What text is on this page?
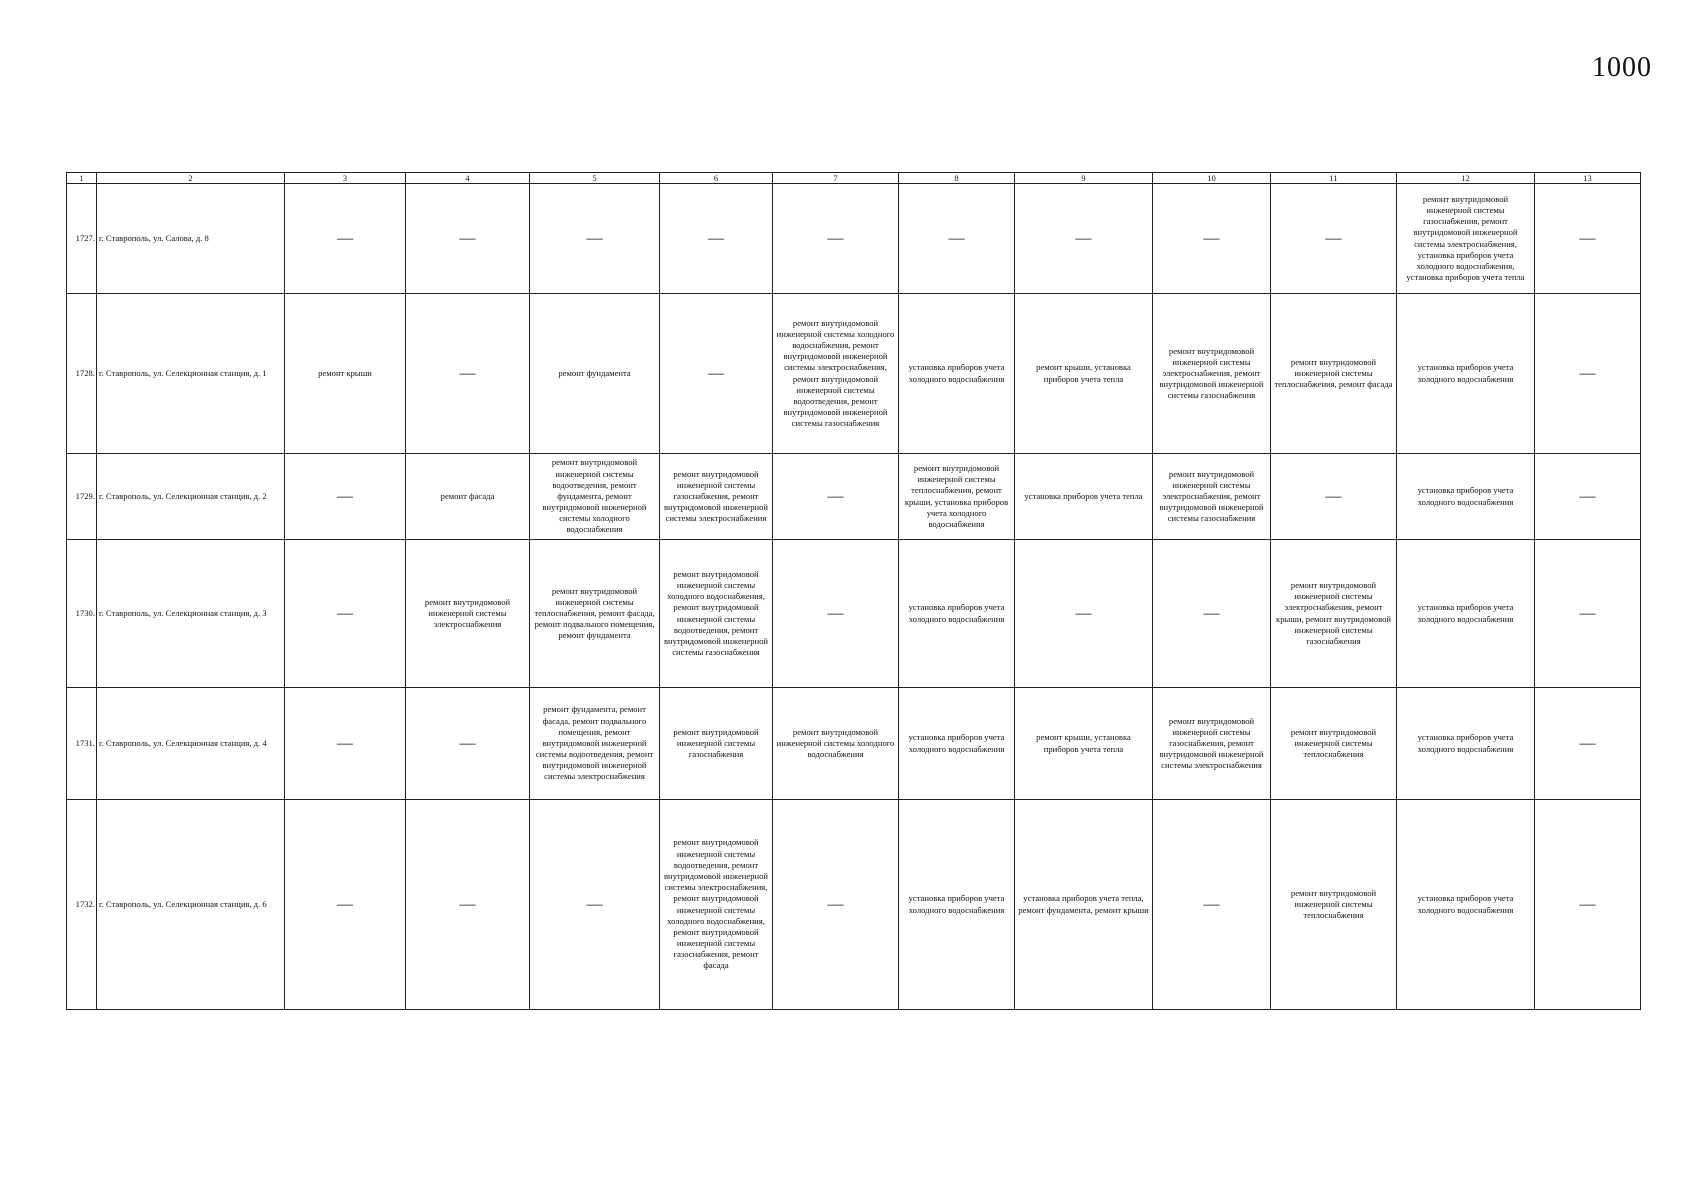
1000
1	2	3	4	5	6	7	8	9	10	11	12	13
1727.	г. Ставрополь, ул. Салова, д. 8	—	—	—	—	—	—	—	—	—	ремонт внутридомовой инженерной системы газоснабжения, ремонт внутридомовой инженерной системы электроснабжения, установка приборов учета холодного водоснабжения, установка приборов учета тепла	—
1728.	г. Ставрополь, ул. Селекционная станция, д. 1	ремонт крыши	—	ремонт фундамента	—	ремонт внутридомовой инженерной системы холодного водоснабжения, ремонт внутридомовой инженерной системы электроснабжения, ремонт внутридомовой инженерной системы водоотведения, ремонт внутридомовой инженерной системы газоснабжения	установка приборов учета холодного водоснабжения	ремонт крыши, установка приборов учета тепла	ремонт внутридомовой инженерной системы электроснабжения, ремонт внутридомовой инженерной системы газоснабжения	ремонт внутридомовой инженерной системы теплоснабжения, ремонт фасада	установка приборов учета холодного водоснабжения	—
1729.	г. Ставрополь, ул. Селекционная станция, д. 2	—	ремонт фасада	ремонт внутридомовой инженерной системы водоотведения, ремонт фундамента, ремонт внутридомовой инженерной системы холодного водоснабжения	ремонт внутридомовой инженерной системы газоснабжения, ремонт внутридомовой инженерной системы электроснабжения	—	ремонт внутридомовой инженерной системы теплоснабжения, ремонт крыши, установка приборов учета холодного водоснабжения	установка приборов учета тепла	ремонт внутридомовой инженерной системы электроснабжения, ремонт внутридомовой инженерной системы газоснабжения	—	установка приборов учета холодного водоснабжения	—
1730.	г. Ставрополь, ул. Селекционная станция, д. 3	—	ремонт внутридомовой инженерной системы электроснабжения	ремонт внутридомовой инженерной системы теплоснабжения, ремонт фасада, ремонт подвального помещения, ремонт фундамента	ремонт внутридомовой инженерной системы холодного водоснабжения, ремонт внутридомовой инженерной системы водоотведения, ремонт внутридомовой инженерной системы газоснабжения	—	установка приборов учета холодного водоснабжения	—	—	ремонт внутридомовой инженерной системы электроснабжения, ремонт крыши, ремонт внутридомовой инженерной системы газоснабжения	установка приборов учета холодного водоснабжения	—
1731.	г. Ставрополь, ул. Селекционная станция, д. 4	—	—	ремонт фундамента, ремонт фасада, ремонт подвального помещения, ремонт внутридомовой инженерной системы водоотведения, ремонт внутридомовой инженерной системы электроснабжения	ремонт внутридомовой инженерной системы газоснабжения	ремонт внутридомовой инженерной системы холодного водоснабжения	установка приборов учета холодного водоснабжения	ремонт крыши, установка приборов учета тепла	ремонт внутридомовой инженерной системы газоснабжения, ремонт внутридомовой инженерной системы электроснабжения	ремонт внутридомовой инженерной системы теплоснабжения	установка приборов учета холодного водоснабжения	—
1732.	г. Ставрополь, ул. Селекционная станция, д. 6	—	—	—	ремонт внутридомовой инженерной системы водоотведения, ремонт внутридомовой инженерной системы электроснабжения, ремонт внутридомовой инженерной системы холодного водоснабжения, ремонт внутридомовой инженерной системы газоснабжения, ремонт фасада	—	установка приборов учета холодного водоснабжения	установка приборов учета тепла, ремонт фундамента, ремонт крыши	—	ремонт внутридомовой инженерной системы теплоснабжения	установка приборов учета холодного водоснабжения	—
